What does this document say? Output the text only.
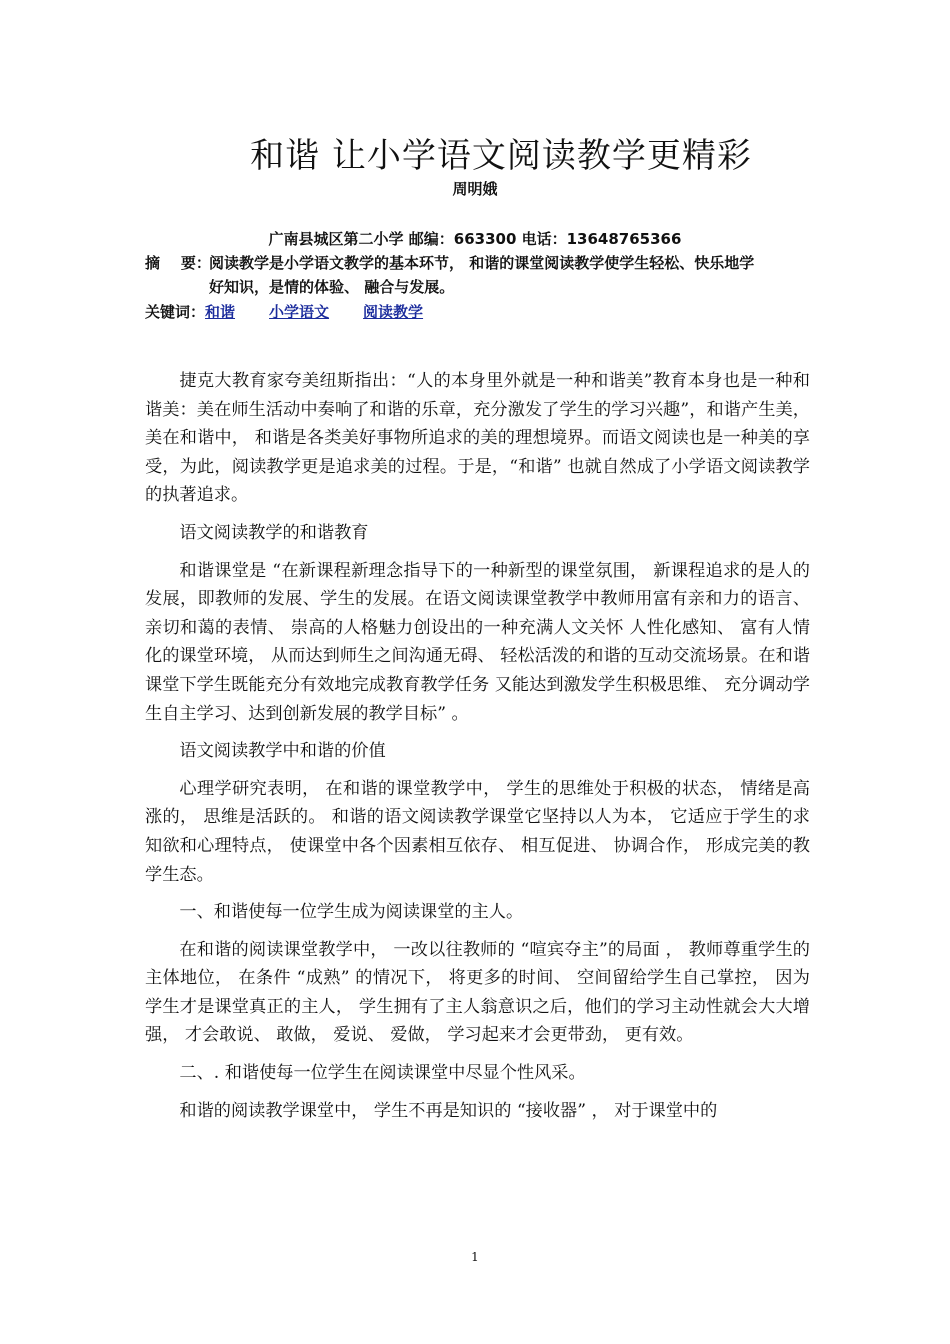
和谐 让小学语文阅读教学更精彩
周明娥
广南县城区第二小学 邮编：663300 电话：13648765366
摘    要：
阅读教学是小学语文教学的基本环节， 和谐的课堂阅读教学使学生轻松、快乐地学
好知识，是情的体验、 融合与发展。
关键词：和谐 小学语文 阅读教学

捷克大教育家夸美纽斯指出：“人的本身里外就是一种和谐美”教育本身也是一种和谐美：美在师生活动中奏响了和谐的乐章，充分激发了学生的学习兴趣”，和谐产生美，美在和谐中， 和谐是各类美好事物所追求的美的理想境界。而语文阅读也是一种美的享受，为此，阅读教学更是追求美的过程。于是，“和谐” 也就自然成了小学语文阅读教学的执著追求。

语文阅读教学的和谐教育

和谐课堂是 “在新课程新理念指导下的一种新型的课堂氛围， 新课程追求的是人的发展，即教师的发展、学生的发展。在语文阅读课堂教学中教师用富有亲和力的语言、 亲切和蔼的表情、 崇高的人格魅力创设出的一种充满人文关怀 人性化感知、 富有人情化的课堂环境， 从而达到师生之间沟通无碍、 轻松活泼的和谐的互动交流场景。在和谐课堂下学生既能充分有效地完成教育教学任务 又能达到激发学生积极思维、 充分调动学生自主学习、达到创新发展的教学目标” 。

语文阅读教学中和谐的价值

心理学研究表明， 在和谐的课堂教学中， 学生的思维处于积极的状态， 情绪是高涨的， 思维是活跃的。 和谐的语文阅读教学课堂它坚持以人为本， 它适应于学生的求知欲和心理特点， 使课堂中各个因素相互依存、 相互促进、 协调合作， 形成完美的教学生态。

一、和谐使每一位学生成为阅读课堂的主人。

在和谐的阅读课堂教学中， 一改以往教师的 “喧宾夺主”的局面 ， 教师尊重学生的主体地位， 在条件 “成熟” 的情况下， 将更多的时间、 空间留给学生自己掌控， 因为学生才是课堂真正的主人， 学生拥有了主人翁意识之后，他们的学习主动性就会大大增强， 才会敢说、 敢做， 爱说、 爱做， 学习起来才会更带劲， 更有效。

二、. 和谐使每一位学生在阅读课堂中尽显个性风采。

和谐的阅读教学课堂中， 学生不再是知识的 “接收器” ， 对于课堂中的

1
